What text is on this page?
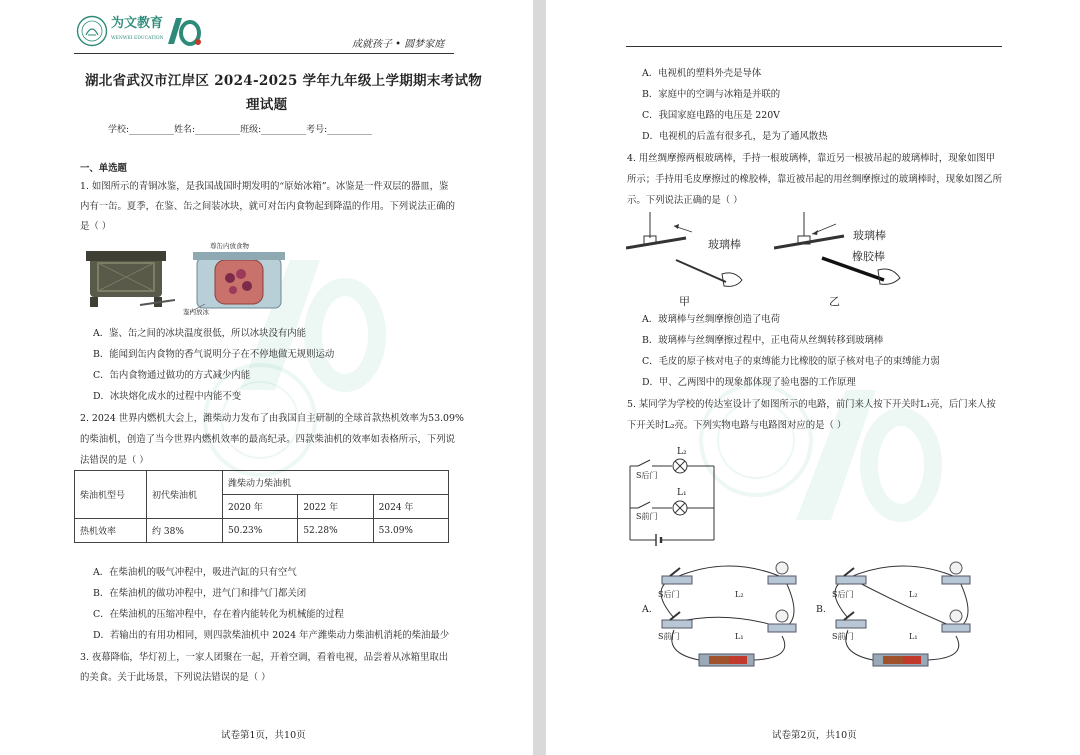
为文教育
WENWEI EDUCATION
成就孩子 • 圆梦家庭
湖北省武汉市江岸区 2024-2025 学年九年级上学期期末考试物
理试题
学校:__________姓名:__________班级:__________考号:__________
一、单选题
1. 如图所示的青铜冰鉴，是我国战国时期发明的“原始冰箱”。冰鉴是一件双层的器皿，鉴
内有一缶。夏季，在鉴、缶之间装冰块，就可对缶内食物起到降温的作用。下列说法正确的
是（ ）
尊缶内放食物
鉴内放冰
A．鉴、缶之间的冰块温度很低，所以冰块没有内能
B．能闻到缶内食物的香气说明分子在不停地做无规则运动
C．缶内食物通过做功的方式减少内能
D．冰块熔化成水的过程中内能不变
2. 2024 世界内燃机大会上，潍柴动力发布了由我国自主研制的全球首款热机效率为53.09%
的柴油机，创造了当今世界内燃机效率的最高纪录。四款柴油机的效率如表格所示，下列说
法错误的是（ ）
柴油机型号	初代柴油机	潍柴动力柴油机		
		2020 年	2022 年	2024 年
热机效率	约 38%	50.23%	52.28%	53.09%
A．在柴油机的吸气冲程中，吸进汽缸的只有空气
B．在柴油机的做功冲程中，进气门和排气门都关闭
C．在柴油机的压缩冲程中，存在着内能转化为机械能的过程
D．若输出的有用功相同，则四款柴油机中 2024 年产潍柴动力柴油机消耗的柴油最少
3. 夜幕降临，华灯初上，一家人团聚在一起，开着空调，看着电视，品尝着从冰箱里取出
的美食。关于此场景，下列说法错误的是（ ）
试卷第1页，共10页
A．电视机的塑料外壳是导体
B．家庭中的空调与冰箱是并联的
C．我国家庭电路的电压是 220V
D．电视机的后盖有很多孔，是为了通风散热
4. 用丝绸摩擦两根玻璃棒，手持一根玻璃棒，靠近另一根被吊起的玻璃棒时，现象如图甲
所示；手持用毛皮摩擦过的橡胶棒，靠近被吊起的用丝绸摩擦过的玻璃棒时，现象如图乙所
示。下列说法正确的是（ ）
玻璃棒
甲
玻璃棒
橡胶棒
乙
A．玻璃棒与丝绸摩擦创造了电荷
B．玻璃棒与丝绸摩擦过程中，正电荷从丝绸转移到玻璃棒
C．毛皮的原子核对电子的束缚能力比橡胶的原子核对电子的束缚能力弱
D．甲、乙两图中的现象都体现了验电器的工作原理
5. 某同学为学校的传达室设计了如图所示的电路，前门来人按下开关时L₁亮，后门来人按
下开关时L₂亮。下列实物电路与电路图对应的是（ ）
L₂
L₁
S后门
S前门
A.
S后门	L₂
S前门	L₁
B.
S后门	L₂
S前门	L₁
试卷第2页，共10页
